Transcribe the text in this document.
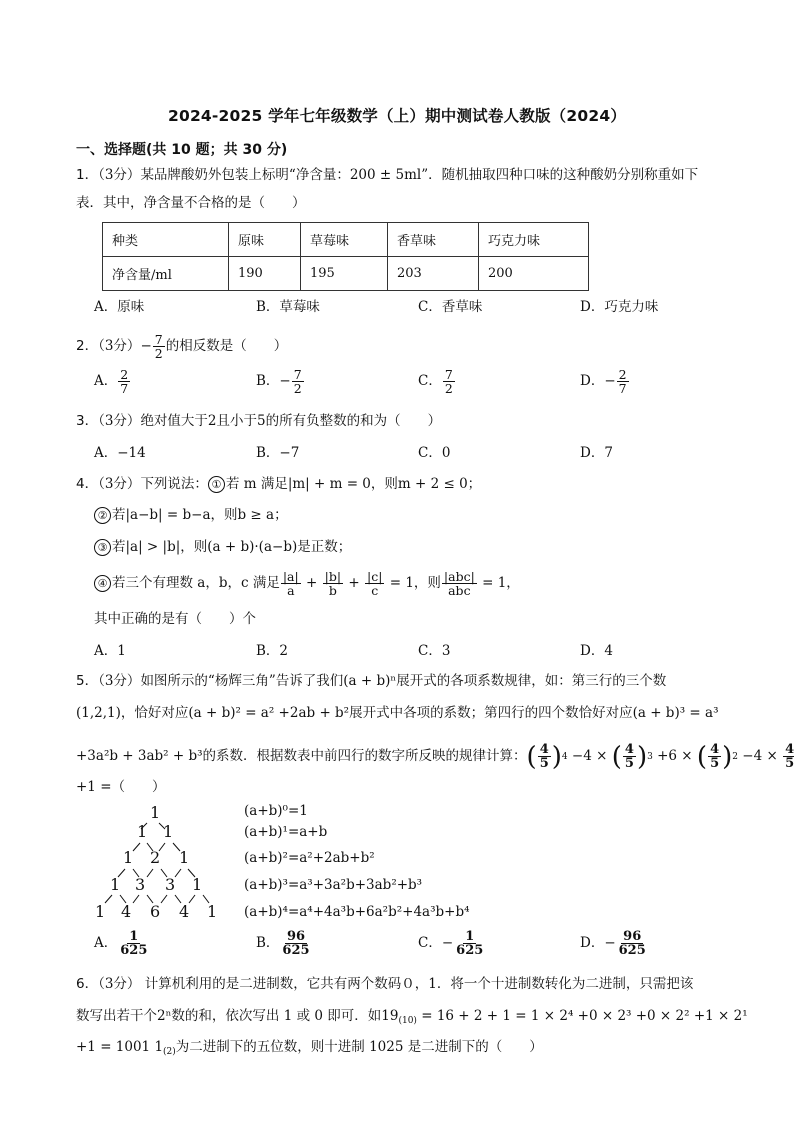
2024-2025 学年七年级数学（上）期中测试卷人教版（2024）
一、选择题(共 10 题；共 30 分)
1．（3分）某品牌酸奶外包装上标明“净含量：200 ± 5ml”．随机抽取四种口味的这种酸奶分别称重如下
表．其中，净含量不合格的是（　　）
种类	原味	草莓味	香草味	巧克力味
净含量/ml	190	195	203	200
A．原味	B．草莓味	C．香草味	D．巧克力味
2．（3分）− $\frac{7}{2}$ 的相反数是（　　）
A． $\frac{2}{7}$	B．− $\frac{7}{2}$	C． $\frac{7}{2}$	D．− $\frac{2}{7}$
3．（3分）绝对值大于2且小于5的所有负整数的和为（　　）
A．−14	B．−7	C．0	D．7
4．（3分）下列说法： ① 若 m 满足|m| + m = 0，则m + 2 ≤ 0；
② 若|a−b| = b−a，则b ≥ a；
③ 若|a| > |b|，则(a + b)·(a−b)是正数；
④ 若三个有理数 a，b，c 满足 $\frac{|a|}{a} + \frac{|b|}{b} + \frac{|c|}{c} = 1$，则 $\frac{\text{|abc|}}{\text{abc}} = 1$，
其中正确的是有（　　）个
A．1	B．2	C．3	D．4
5．（3分）如图所示的“杨辉三角”告诉了我们(a + b)ⁿ展开式的各项系数规律，如：第三行的三个数
(1,2,1)，恰好对应(a + b)² = a² +2ab + b²展开式中各项的系数；第四行的四个数恰好对应(a + b)³ = a³
+3a²b + 3ab² + b³的系数．根据数表中前四行的数字所反映的规律计算： ( $\frac{4}{5}$ ) 4 −4 × ( $\frac{4}{5}$ ) 3 +6 × ( $\frac{4}{5}$ ) $2 -4 \times \frac{4}{5}$
+1 =（　　）
1
1 1
1 2 1
1 3 3 1
1 4 6 4 1
(a+b)⁰=1
(a+b)¹=a+b
(a+b)²=a²+2ab+b²
(a+b)³=a³+3a²b+3ab²+b³
(a+b)⁴=a⁴+4a³b+6a²b²+4a³b+b⁴
A． $\frac{1}{625}$	B． $\frac{96}{625}$	C．− $\frac{1}{625}$	D．− $\frac{96}{625}$
6．（3分） 计算机利用的是二进制数，它共有两个数码０，1．将一个十进制数转化为二进制，只需把该
数写出若干个2ⁿ数的和，依次写出 1 或 0 即可．如$19_{(10)} = 16 + 2 + 1 = 1 \times 2^4 +0 \times 2^3 +0 \times 2^2 +1 \times 2^1$
+1 = 1001 $1_{(2)}$为二进制下的五位数，则十进制 1025 是二进制下的（　　）
